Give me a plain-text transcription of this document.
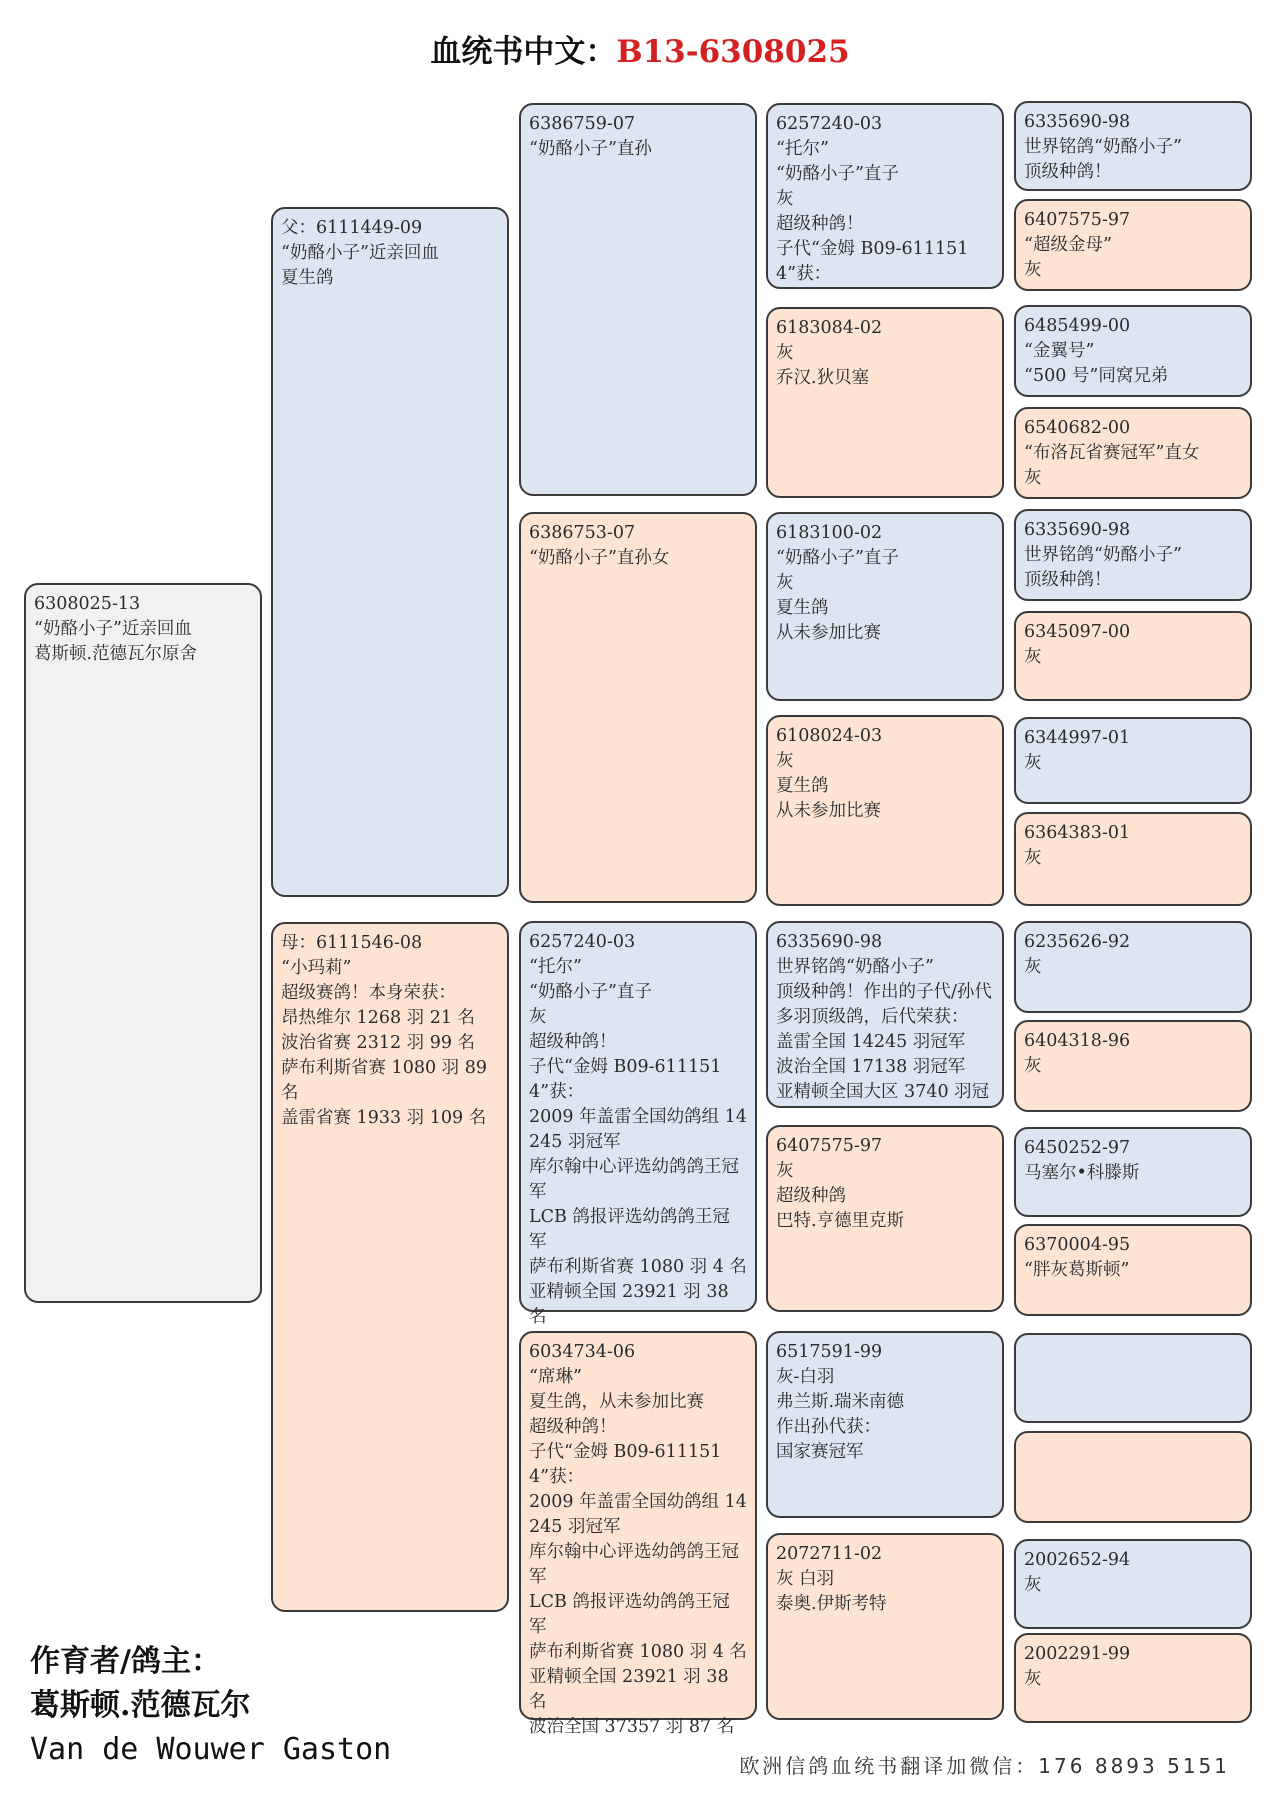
血统书中文：B13-6308025
6308025-13
“奶酪小子”近亲回血
葛斯顿.范德瓦尔原舍
父：6111449-09
“奶酪小子”近亲回血
夏生鸽
母：6111546-08
“小玛莉”
超级赛鸽！本身荣获：
昂热维尔 1268 羽 21 名
波治省赛 2312 羽 99 名
萨布利斯省赛 1080 羽 89 名
盖雷省赛 1933 羽 109 名
6386759-07
“奶酪小子”直孙
6386753-07
“奶酪小子”直孙女
6257240-03
“托尔”
“奶酪小子”直子
灰
超级种鸽！
子代“金姆 B09-6111514”获：
2009 年盖雷全国幼鸽组 14245 羽冠军
库尔翰中心评选幼鸽鸽王冠军
LCB 鸽报评选幼鸽鸽王冠军
萨布利斯省赛 1080 羽 4 名
亚精顿全国 23921 羽 38 名
6034734-06
“席琳”
夏生鸽，从未参加比赛
超级种鸽！
子代“金姆 B09-6111514”获：
2009 年盖雷全国幼鸽组 14245 羽冠军
库尔翰中心评选幼鸽鸽王冠军
LCB 鸽报评选幼鸽鸽王冠军
萨布利斯省赛 1080 羽 4 名
亚精顿全国 23921 羽 38 名
波治全国 37357 羽 87 名
6257240-03
“托尔”
“奶酪小子”直子
灰
超级种鸽！
子代“金姆 B09-6111514”获：
6183084-02
灰
乔汉.狄贝塞
6183100-02
“奶酪小子”直子
灰
夏生鸽
从未参加比赛
6108024-03
灰
夏生鸽
从未参加比赛
6335690-98
世界铭鸽“奶酪小子”
顶级种鸽！作出的子代/孙代多羽顶级鸽，后代荣获：
盖雷全国 14245 羽冠军
波治全国 17138 羽冠军
亚精顿全国大区 3740 羽冠
6407575-97
灰
超级种鸽
巴特.亨德里克斯
6517591-99
灰-白羽
弗兰斯.瑞米南德
作出孙代获：
国家赛冠军
2072711-02
灰 白羽
泰奥.伊斯考特
6335690-98
世界铭鸽“奶酪小子”
顶级种鸽！
6407575-97
“超级金母”
灰
6485499-00
“金翼号”
“500 号”同窝兄弟
6540682-00
“布洛瓦省赛冠军”直女
灰
6335690-98
世界铭鸽“奶酪小子”
顶级种鸽！
6345097-00
灰
6344997-01
灰
6364383-01
灰
6235626-92
灰
6404318-96
灰
6450252-97
马塞尔•科滕斯
6370004-95
“胖灰葛斯顿”
2002652-94
灰
2002291-99
灰
作育者/鸽主：
葛斯顿.范德瓦尔
Van de Wouwer Gaston	欧洲信鸽血统书翻译加微信：176 8893 5151
